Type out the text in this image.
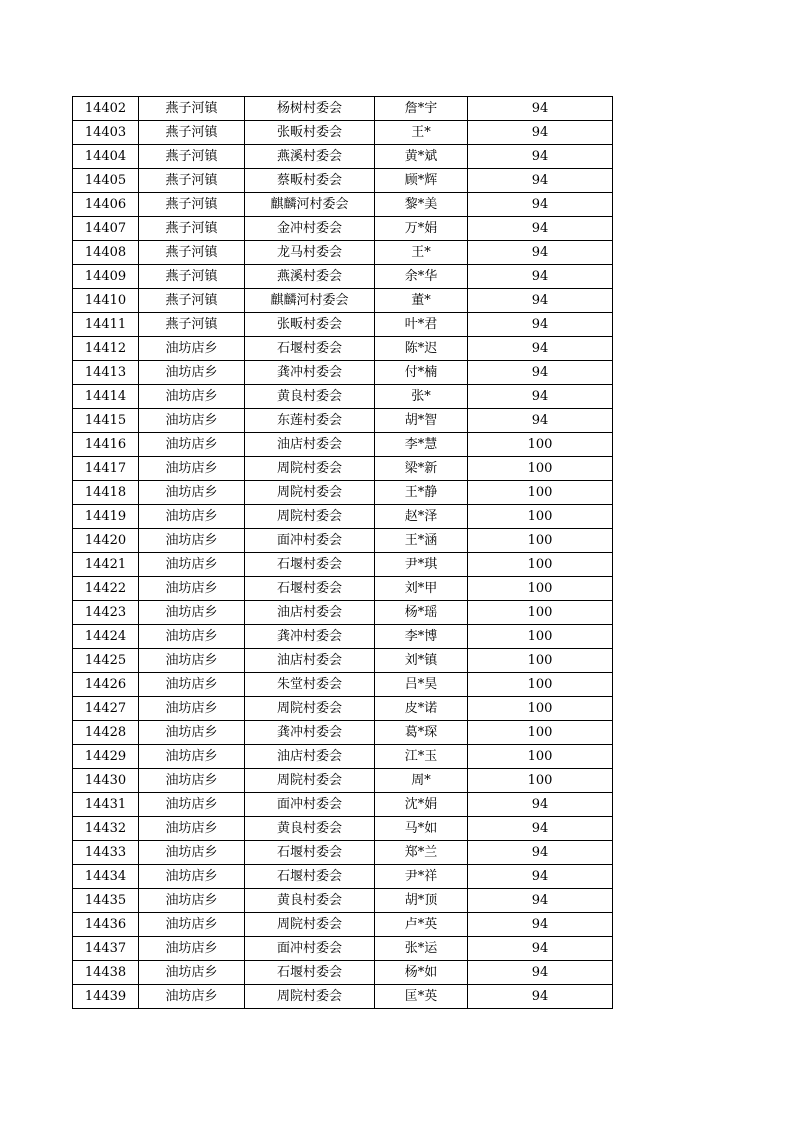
14402	燕子河镇	杨树村委会	詹*宇	94
14403	燕子河镇	张畈村委会	王*	94
14404	燕子河镇	燕溪村委会	黄*斌	94
14405	燕子河镇	蔡畈村委会	顾*辉	94
14406	燕子河镇	麒麟河村委会	黎*美	94
14407	燕子河镇	金冲村委会	万*娟	94
14408	燕子河镇	龙马村委会	王*	94
14409	燕子河镇	燕溪村委会	余*华	94
14410	燕子河镇	麒麟河村委会	董*	94
14411	燕子河镇	张畈村委会	叶*君	94
14412	油坊店乡	石堰村委会	陈*迟	94
14413	油坊店乡	龚冲村委会	付*楠	94
14414	油坊店乡	黄良村委会	张*	94
14415	油坊店乡	东莲村委会	胡*智	94
14416	油坊店乡	油店村委会	李*慧	100
14417	油坊店乡	周院村委会	梁*新	100
14418	油坊店乡	周院村委会	王*静	100
14419	油坊店乡	周院村委会	赵*泽	100
14420	油坊店乡	面冲村委会	王*涵	100
14421	油坊店乡	石堰村委会	尹*琪	100
14422	油坊店乡	石堰村委会	刘*甲	100
14423	油坊店乡	油店村委会	杨*瑶	100
14424	油坊店乡	龚冲村委会	李*博	100
14425	油坊店乡	油店村委会	刘*镇	100
14426	油坊店乡	朱堂村委会	吕*昊	100
14427	油坊店乡	周院村委会	皮*诺	100
14428	油坊店乡	龚冲村委会	葛*琛	100
14429	油坊店乡	油店村委会	江*玉	100
14430	油坊店乡	周院村委会	周*	100
14431	油坊店乡	面冲村委会	沈*娟	94
14432	油坊店乡	黄良村委会	马*如	94
14433	油坊店乡	石堰村委会	郑*兰	94
14434	油坊店乡	石堰村委会	尹*祥	94
14435	油坊店乡	黄良村委会	胡*顶	94
14436	油坊店乡	周院村委会	卢*英	94
14437	油坊店乡	面冲村委会	张*运	94
14438	油坊店乡	石堰村委会	杨*如	94
14439	油坊店乡	周院村委会	匡*英	94
